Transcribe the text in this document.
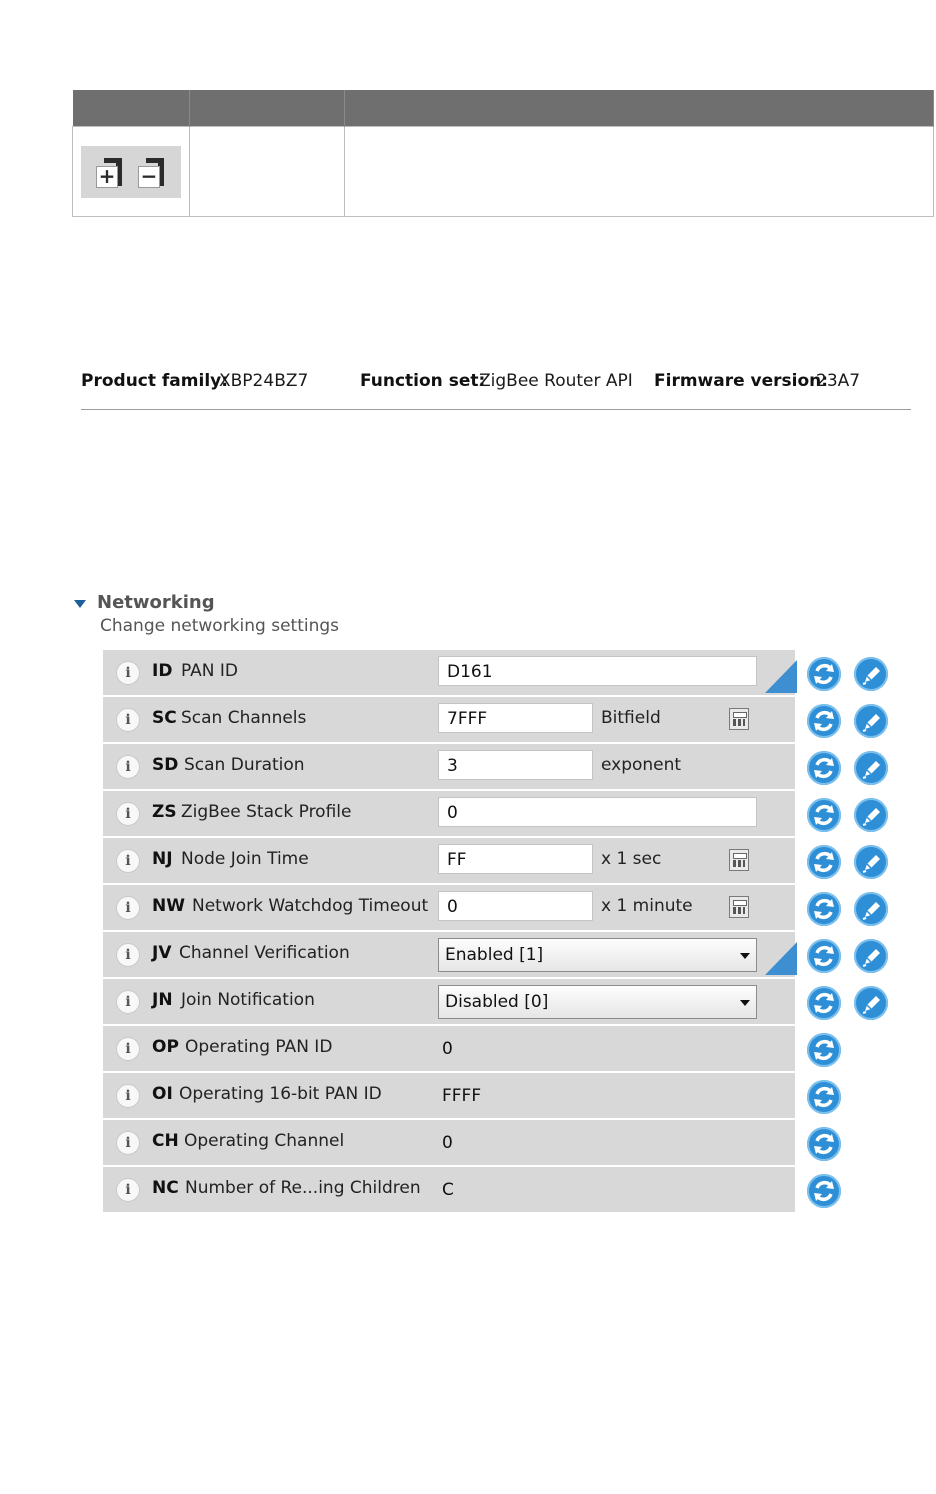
+ −		

Product family:
XBP24BZ7	Function set:
ZigBee Router API Firmware version:
23A7
Networking
Change networking settings
i	ID PAN ID	D161
i	SC Scan Channels	7FFF	Bitfield
i	SD Scan Duration	3	exponent
i	ZS ZigBee Stack Profile	0
i	NJ Node Join Time	FF	x 1 sec
i	NW Network Watchdog Timeout	0	x 1 minute
i	JV Channel Verification	Enabled [1]
i	JN Join Notification	Disabled [0]
i	OP Operating PAN ID	0
i	OI Operating 16-bit PAN ID	FFFF
i	CH Operating Channel	0
i	NC Number of Re...ing Children C
